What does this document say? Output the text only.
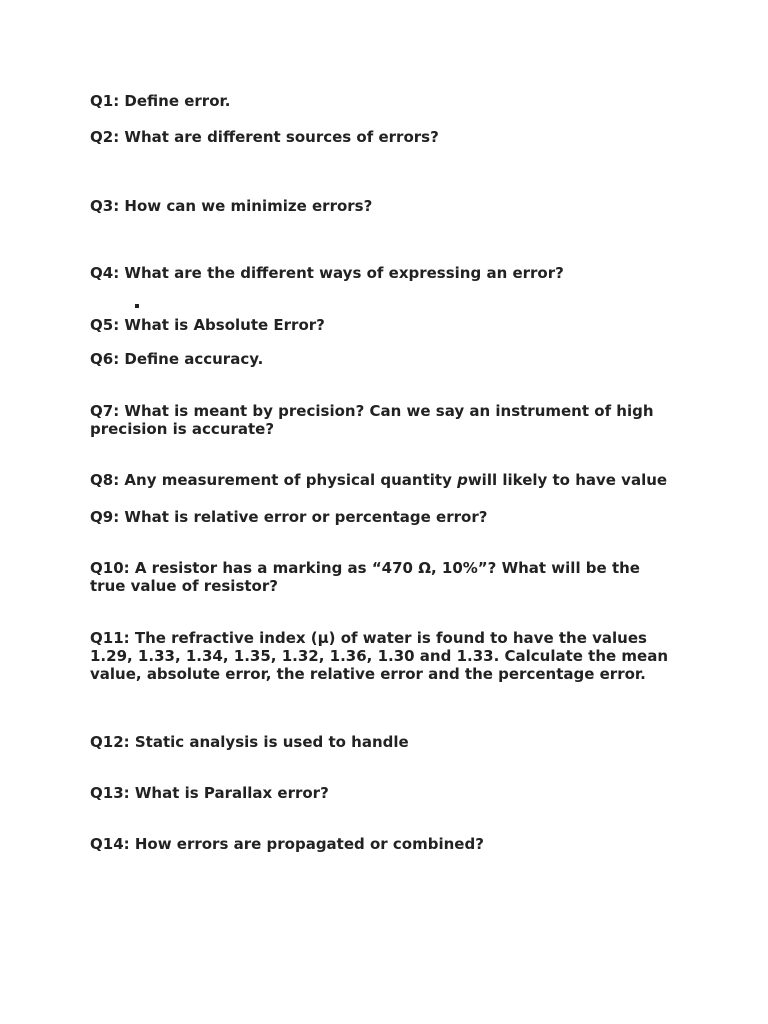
Q1: Define error.

Q2: What are different sources of errors?

Q3: How can we minimize errors?

Q4: What are the different ways of expressing an error?

Q5: What is Absolute Error?

Q6: Define accuracy.

Q7: What is meant by precision? Can we say an instrument of high precision is accurate?

Q8: Any measurement of physical quantity pwill likely to have value

Q9: What is relative error or percentage error?

Q10: A resistor has a marking as “470 Ω, 10%”? What will be the true value of resistor?

Q11: The refractive index (μ) of water is found to have the values 1.29, 1.33, 1.34, 1.35, 1.32, 1.36, 1.30 and 1.33. Calculate the mean value, absolute error, the relative error and the percentage error.

Q12: Static analysis is used to handle

Q13: What is Parallax error?

Q14: How errors are propagated or combined?
